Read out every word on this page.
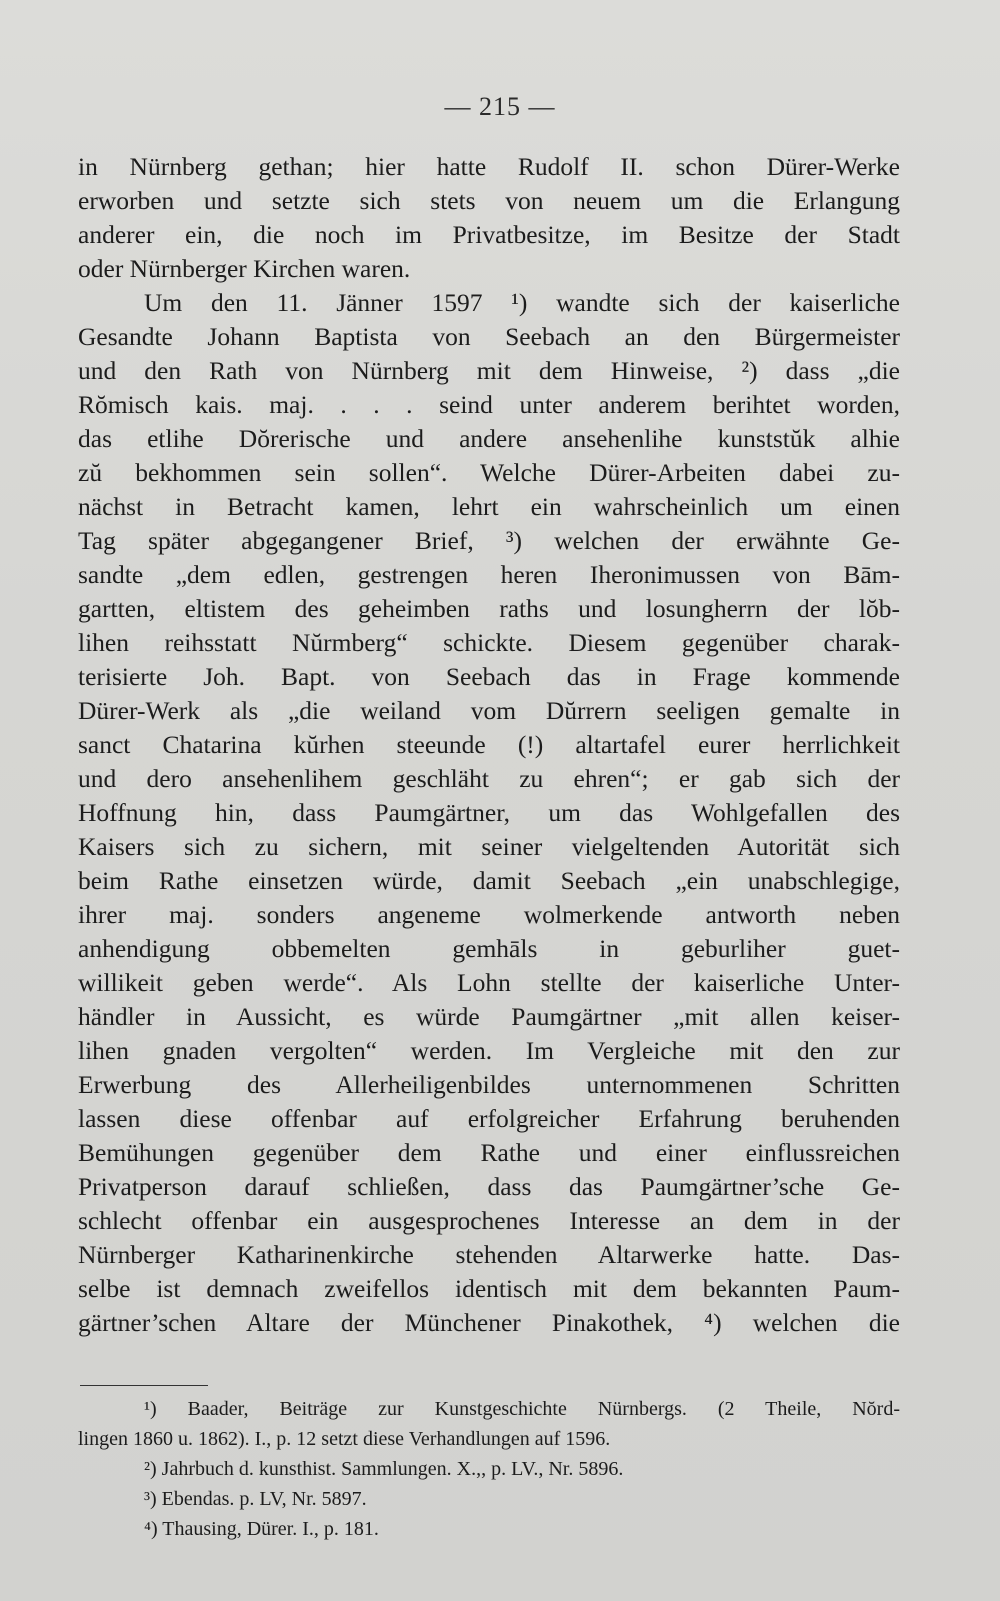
— 215 —
in Nürnberg gethan; hier hatte Rudolf II. schon Dürer-Werke
erworben und setzte sich stets von neuem um die Erlangung
anderer ein, die noch im Privatbesitze, im Besitze der Stadt
oder Nürnberger Kirchen waren.
Um den 11. Jänner 1597 ¹) wandte sich der kaiserliche
Gesandte Johann Baptista von Seebach an den Bürgermeister
und den Rath von Nürnberg mit dem Hinweise, ²) dass „die
Rŏmisch kais. maj. . . . seind unter anderem berihtet worden,
das etlihe Dŏrerische und andere ansehenlihe kunststŭk alhie
zŭ bekhommen sein sollen“. Welche Dürer-Arbeiten dabei zu-
nächst in Betracht kamen, lehrt ein wahrscheinlich um einen
Tag später abgegangener Brief, ³) welchen der erwähnte Ge-
sandte „dem edlen, gestrengen heren Iheronimussen von Bām-
gartten, eltistem des geheimben raths und losungherrn der lŏb-
lihen reihsstatt Nŭrmberg“ schickte. Diesem gegenüber charak-
terisierte Joh. Bapt. von Seebach das in Frage kommende
Dürer-Werk als „die weiland vom Dŭrrern seeligen gemalte in
sanct Chatarina kŭrhen steeunde (!) altartafel eurer herrlichkeit
und dero ansehenlihem geschläht zu ehren“; er gab sich der
Hoffnung hin, dass Paumgärtner, um das Wohlgefallen des
Kaisers sich zu sichern, mit seiner vielgeltenden Autorität sich
beim Rathe einsetzen würde, damit Seebach „ein unabschlegige,
ihrer maj. sonders angeneme wolmerkende antworth neben
anhendigung obbemelten gemhāls in geburliher guet-
willikeit geben werde“. Als Lohn stellte der kaiserliche Unter-
händler in Aussicht, es würde Paumgärtner „mit allen keiser-
lihen gnaden vergolten“ werden. Im Vergleiche mit den zur
Erwerbung des Allerheiligenbildes unternommenen Schritten
lassen diese offenbar auf erfolgreicher Erfahrung beruhenden
Bemühungen gegenüber dem Rathe und einer einflussreichen
Privatperson darauf schließen, dass das Paumgärtner’sche Ge-
schlecht offenbar ein ausgesprochenes Interesse an dem in der
Nürnberger Katharinenkirche stehenden Altarwerke hatte. Das-
selbe ist demnach zweifellos identisch mit dem bekannten Paum-
gärtner’schen Altare der Münchener Pinakothek, ⁴) welchen die
¹) Baader, Beiträge zur Kunstgeschichte Nürnbergs. (2 Theile, Nŏrd-
lingen 1860 u. 1862). I., p. 12 setzt diese Verhandlungen auf 1596.
²) Jahrbuch d. kunsthist. Sammlungen. X.,, p. LV., Nr. 5896.
³) Ebendas. p. LV, Nr. 5897.
⁴) Thausing, Dürer. I., p. 181.
